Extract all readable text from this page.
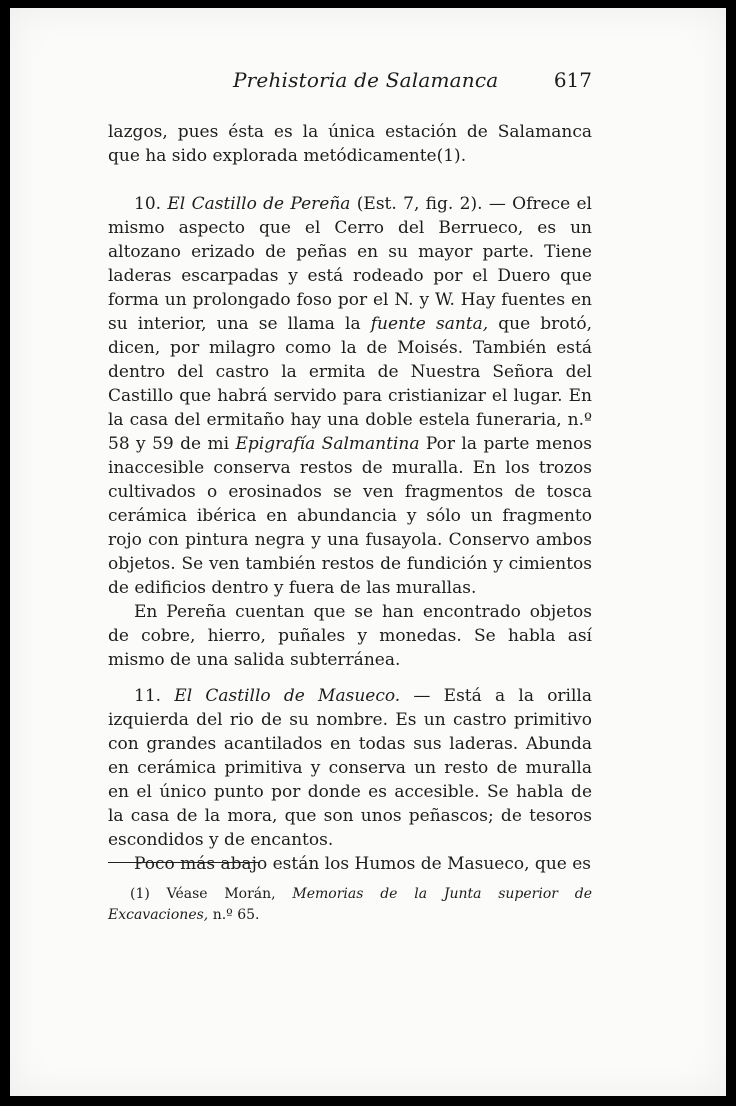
Prehistoria de Salamanca	617

lazgos, pues ésta es la única estación de Salamanca que ha sido explorada metódicamente(1).

10. El Castillo de Pereña (Est. 7, fig. 2). — Ofrece el mismo aspecto que el Cerro del Berrueco, es un altozano erizado de peñas en su mayor parte. Tiene laderas escarpadas y está rodeado por el Duero que forma un prolongado foso por el N. y W. Hay fuentes en su interior, una se llama la fuente santa, que brotó, dicen, por milagro como la de Moisés. También está dentro del castro la ermita de Nuestra Señora del Castillo que habrá servido para cristianizar el lugar. En la casa del ermitaño hay una doble estela funeraria, n.º 58 y 59 de mi Epigrafía Salmantina Por la parte menos inaccesible conserva restos de muralla. En los trozos cultivados o erosinados se ven fragmentos de tosca cerámica ibérica en abundancia y sólo un fragmento rojo con pintura negra y una fusayola. Conservo ambos objetos. Se ven también restos de fundición y cimientos de edificios dentro y fuera de las murallas.

En Pereña cuentan que se han encontrado objetos de cobre, hierro, puñales y monedas. Se habla así mismo de una salida subterránea.

11. El Castillo de Masueco. — Está a la orilla izquierda del rio de su nombre. Es un castro primitivo con grandes acantilados en todas sus laderas. Abunda en cerámica primitiva y conserva un resto de muralla en el único punto por donde es accesible. Se habla de la casa de la mora, que son unos peñascos; de tesoros escondidos y de encantos.

Poco más abajo están los Humos de Masueco, que es

(1) Véase Morán, Memorias de la Junta superior de Excavaciones, n.º 65.
